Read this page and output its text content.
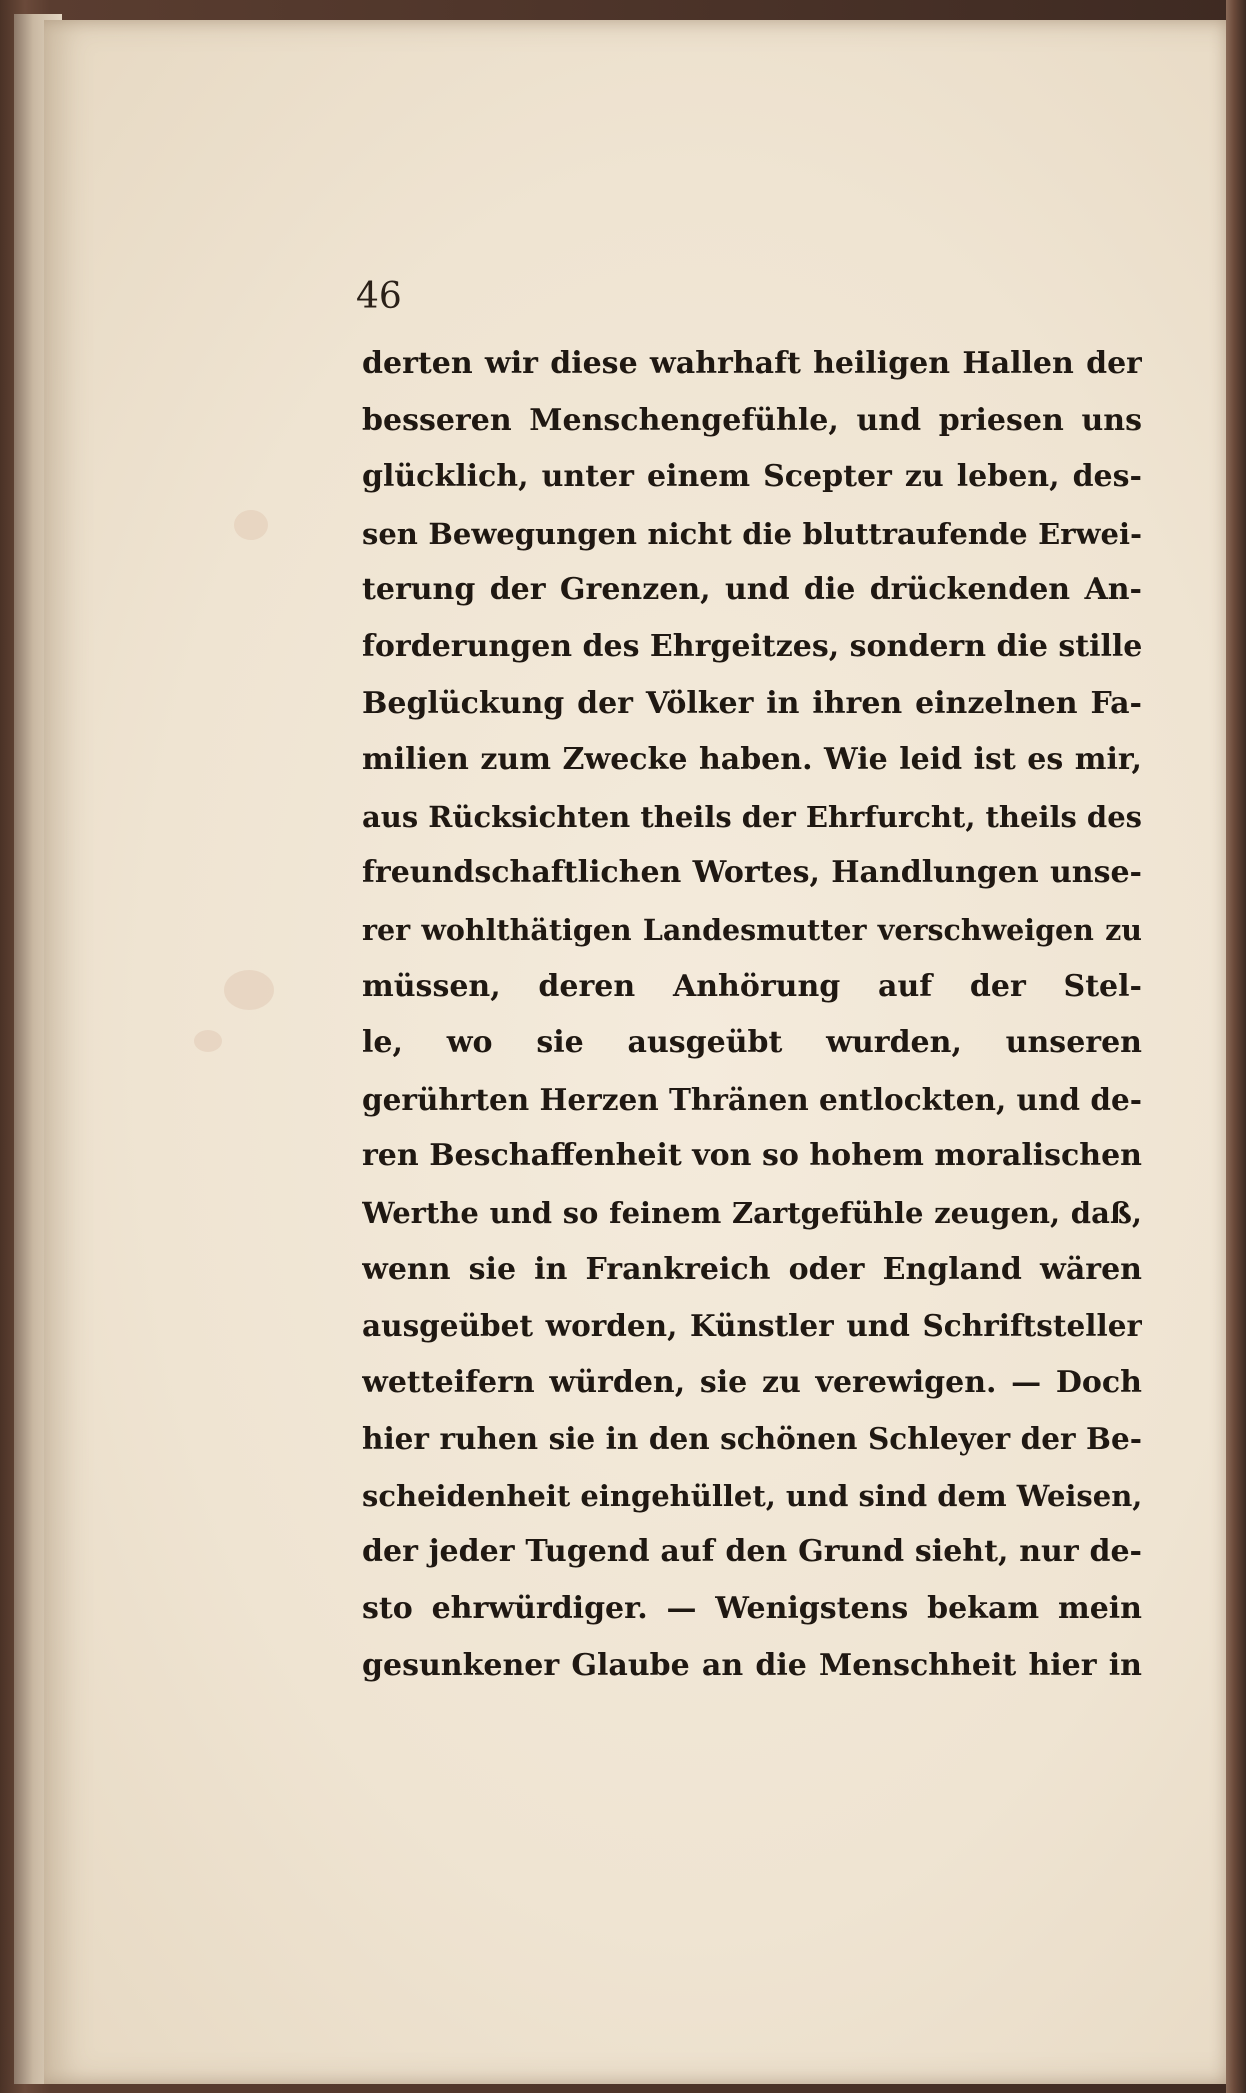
46

derten wir diese wahrhaft heiligen Hallen der

besseren Menschengefühle, und priesen uns

glücklich, unter einem Scepter zu leben, des-

sen Bewegungen nicht die bluttraufende Erwei-

terung der Grenzen, und die drückenden An-

forderungen des Ehrgeitzes, sondern die stille

Beglückung der Völker in ihren einzelnen Fa-

milien zum Zwecke haben. Wie leid ist es mir,

aus Rücksichten theils der Ehrfurcht, theils des

freundschaftlichen Wortes, Handlungen unse-

rer wohlthätigen Landesmutter verschweigen zu

müssen, deren Anhörung auf der Stel-

le, wo sie ausgeübt wurden, unseren

gerührten Herzen Thränen entlockten, und de-

ren Beschaffenheit von so hohem moralischen

Werthe und so feinem Zartgefühle zeugen, daß,

wenn sie in Frankreich oder England wären

ausgeübet worden, Künstler und Schriftsteller

wetteifern würden, sie zu verewigen. — Doch

hier ruhen sie in den schönen Schleyer der Be-

scheidenheit eingehüllet, und sind dem Weisen,

der jeder Tugend auf den Grund sieht, nur de-

sto ehrwürdiger. — Wenigstens bekam mein

gesunkener Glaube an die Menschheit hier in
